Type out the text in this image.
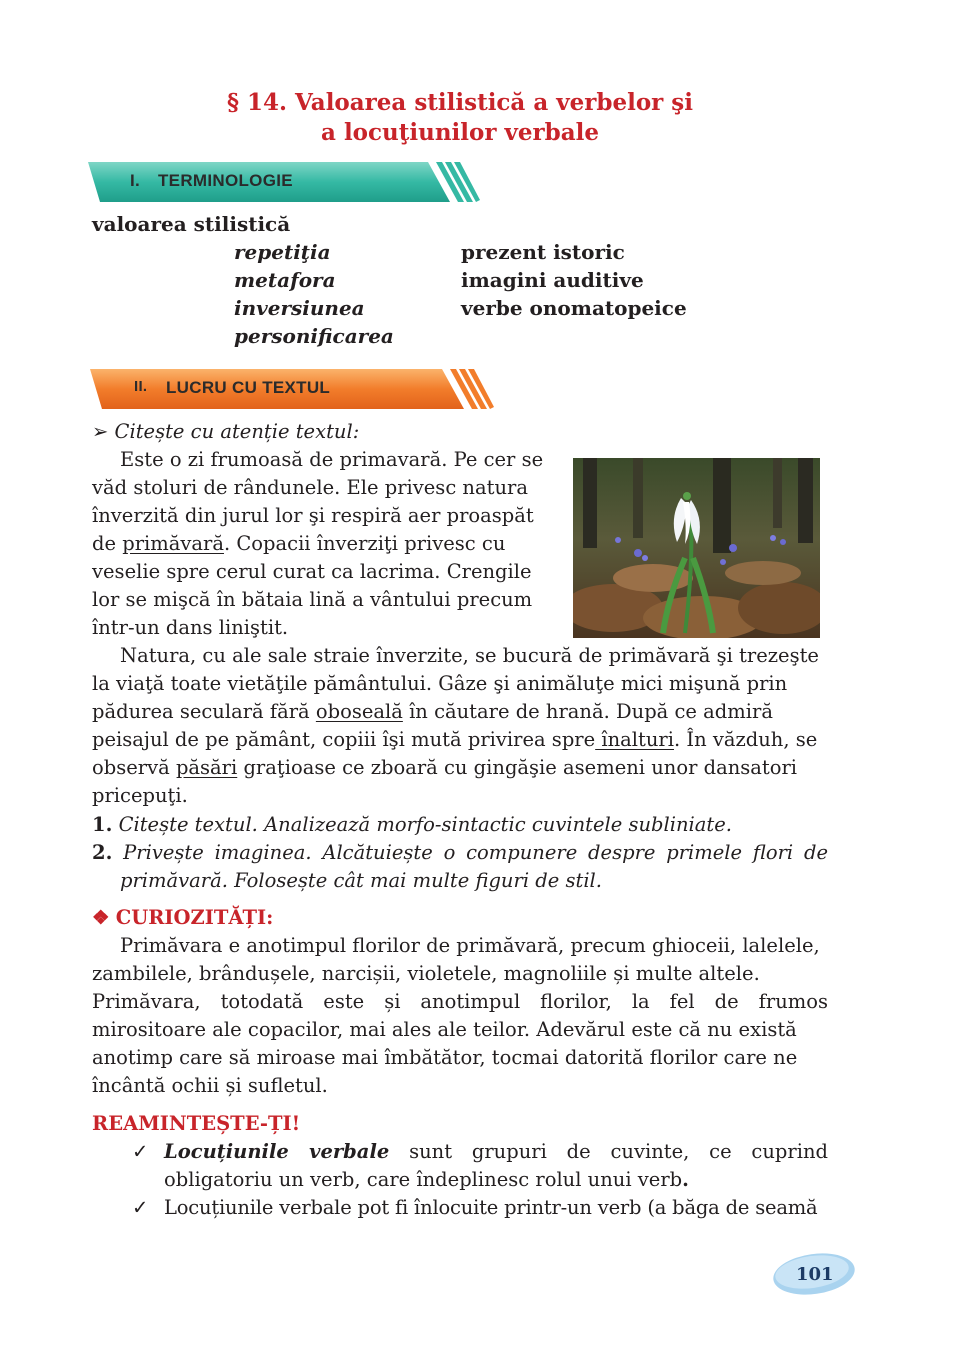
§ 14. Valoarea stilistică a verbelor şi
a locuţiunilor verbale
I. TERMINOLOGIE
valoarea stilistică
repetiţia
metafora
inversiunea
personificarea
prezent istoric
imagini auditive
verbe onomatopeice
II. LUCRU CU TEXTUL
➢ Citește cu atenție textul:
Este o zi frumoasă de primavară. Pe cer se
văd stoluri de rândunele. Ele privesc natura
înverzită din jurul lor şi respiră aer proaspăt
de primăvară. Copacii înverziţi privesc cu
veselie spre cerul curat ca lacrima. Crengile
lor se mişcă în bătaia lină a vântului precum
într-un dans liniştit.
Natura, cu ale sale straie înverzite, se bucură de primăvară şi trezeşte
la viaţă toate vietăţile pământului. Gâze şi animăluţe mici mişună prin
pădurea seculară fără oboseală în căutare de hrană. După ce admiră
peisajul de pe pământ, copiii îşi mută privirea spre înalturi. În văzduh, se
observă păsări graţioase ce zboară cu gingăşie asemeni unor dansatori
pricepuţi.
1. Citește textul. Analizează morfo-sintactic cuvintele subliniate.
2. Privește imaginea. Alcătuiește o compunere despre primele flori de
primăvară. Folosește cât mai multe figuri de stil.
❖ CURIOZITĂȚI:
Primăvara e anotimpul florilor de primăvară, precum ghioceii, lalelele,
zambilele, brândușele, narcișii, violetele, magnoliile și multe altele.
Primăvara, totodată este și anotimpul florilor, la fel de frumos
mirositoare ale copacilor, mai ales ale teilor. Adevărul este că nu există
anotimp care să miroase mai îmbătător, tocmai datorită florilor care ne
încântă ochii și sufletul.
REAMINTEȘTE-ȚI!
✓ Locuțiunile verbale sunt grupuri de cuvinte, ce cuprind
obligatoriu un verb, care îndeplinesc rolul unui verb.
✓ Locuțiunile verbale pot fi înlocuite printr-un verb (a băga de seamă
101
